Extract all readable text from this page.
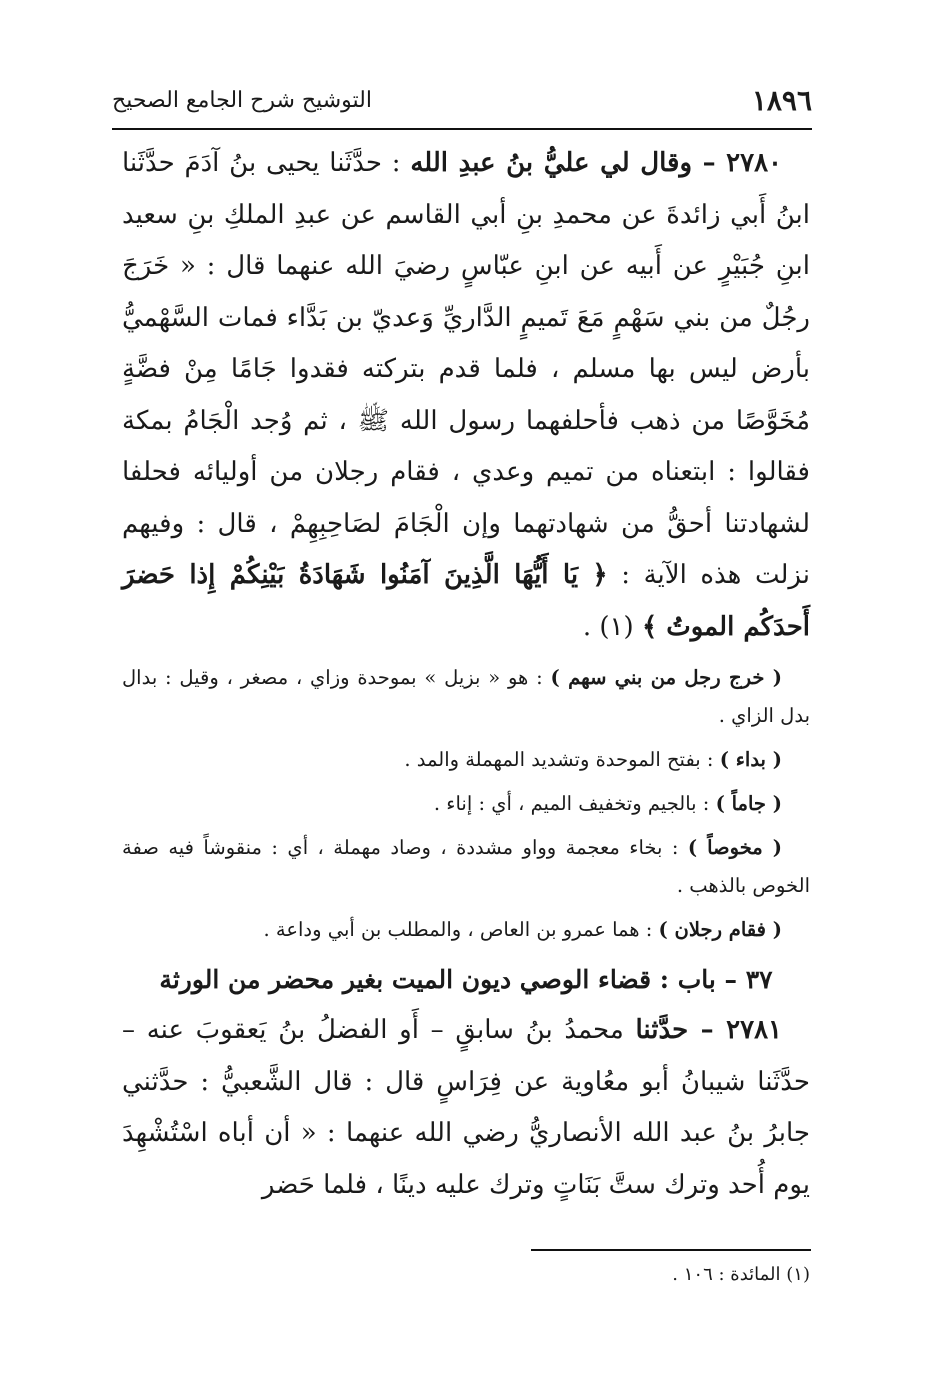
١٨٩٦
التوشيح شرح الجامع الصحيح

٢٧٨٠ – وقال لي عليُّ بنُ عبدِ الله : حدَّثَنا يحيى بنُ آدَمَ حدَّثَنا ابنُ أَبي زائدةَ عن محمدِ بنِ أبي القاسم عن عبدِ الملكِ بنِ سعيد ابنِ جُبَيْرٍ عن أَبيه عن ابنِ عبّاسٍ رضيَ الله عنهما قال : « خَرَجَ رجُلٌ من بني سَهْمٍ مَعَ تَميمٍ الدَّاريِّ وَعديّ بن بَدَّاء فمات السَّهْميُّ بأرض ليس بها مسلم ، فلما قدم بتركته فقدوا جَامًا مِنْ فضَّةٍ مُخَوَّصًا من ذهب فأحلفهما رسول الله ﷺ ، ثم وُجد الْجَامُ بمكة فقالوا : ابتعناه من تميم وعدي ، فقام رجلان من أوليائه فحلفا لشهادتنا أحقُّ من شهادتهما وإن الْجَامَ لصَاحِبِهِمْ ، قال : وفيهم نزلت هذه الآية : ﴿ يَا أَيُّهَا الَّذِينَ آمَنُوا شَهَادَةُ بَيْنِكُمْ إِذا حَضرَ أَحدَكُم الموتُ ﴾ (١) .

( خرج رجل من بني سهم ) : هو « بزيل » بموحدة وزاي ، مصغر ، وقيل : بدال بدل الزاي .

( بداء ) : بفتح الموحدة وتشديد المهملة والمد .

( جاماً ) : بالجيم وتخفيف الميم ، أي : إناء .

( مخوصاً ) : بخاء معجمة وواو مشددة ، وصاد مهملة ، أي : منقوشاً فيه صفة الخوص بالذهب .

( فقام رجلان ) : هما عمرو بن العاص ، والمطلب بن أبي وداعة .

٣٧ – باب : قضاء الوصي ديون الميت بغير محضر من الورثة

٢٧٨١ – حدَّثنا محمدُ بنُ سابقٍ – أَو الفضلُ بنُ يَعقوبَ عنه – حدَّثَنا شيبانُ أبو معُاوية عن فِرَاسٍ قال : قال الشَّعبيُّ : حدَّثني جابرُ بنُ عبد الله الأنصاريُّ رضي الله عنهما : « أن أباه اسْتُشْهِدَ يوم أُحد وترك ستَّ بَنَاتٍ وترك عليه دينًا ، فلما حَضر

(١) المائدة : ١٠٦ .
